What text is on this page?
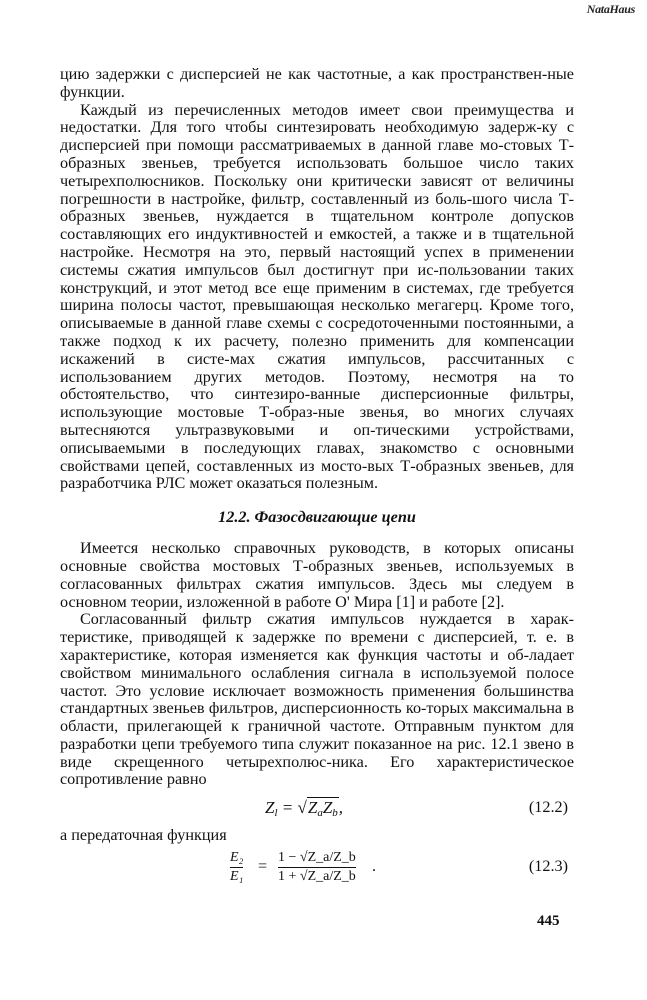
NataHaus

цию задержки с дисперсией не как частотные, а как пространствен-ные функции.

Каждый из перечисленных методов имеет свои преимущества и недостатки. Для того чтобы синтезировать необходимую задерж-ку с дисперсией при помощи рассматриваемых в данной главе мо-стовых Т-образных звеньев, требуется использовать большое число таких четырехполюсников. Поскольку они критически зависят от величины погрешности в настройке, фильтр, составленный из боль-шого числа Т-образных звеньев, нуждается в тщательном контроле допусков составляющих его индуктивностей и емкостей, а также и в тщательной настройке. Несмотря на это, первый настоящий успех в применении системы сжатия импульсов был достигнут при ис-пользовании таких конструкций, и этот метод все еще применим в системах, где требуется ширина полосы частот, превышающая несколько мегагерц. Кроме того, описываемые в данной главе схемы с сосредоточенными постоянными, а также подход к их расчету, полезно применить для компенсации искажений в систе-мах сжатия импульсов, рассчитанных с использованием других методов. Поэтому, несмотря на то обстоятельство, что синтезиро-ванные дисперсионные фильтры, использующие мостовые Т-образ-ные звенья, во многих случаях вытесняются ультразвуковыми и оп-тическими устройствами, описываемыми в последующих главах, знакомство с основными свойствами цепей, составленных из мосто-вых Т-образных звеньев, для разработчика РЛС может оказаться полезным.

12.2. Фазосдвигающие цепи

Имеется несколько справочных руководств, в которых описаны основные свойства мостовых Т-образных звеньев, используемых в согласованных фильтрах сжатия импульсов. Здесь мы следуем в основном теории, изложенной в работе О' Мира [1] и работе [2].

Согласованный фильтр сжатия импульсов нуждается в харак-теристике, приводящей к задержке по времени с дисперсией, т. е. в характеристике, которая изменяется как функция частоты и об-ладает свойством минимального ослабления сигнала в используемой полосе частот. Это условие исключает возможность применения большинства стандартных звеньев фильтров, дисперсионность ко-торых максимальна в области, прилегающей к граничной частоте. Отправным пунктом для разработки цепи требуемого типа служит показанное на рис. 12.1 звено в виде скрещенного четырехполюс-ника. Его характеристическое сопротивление равно

$Z_l = √Z_aZ_b$,	(12.2)

а передаточная функция

$\frac{\text{E₂}}{\text{E₁}} = \frac{1 - √Z\_a/Z\_b}{1 + √Z\_a/Z\_b}$ .	(12.3)
445
